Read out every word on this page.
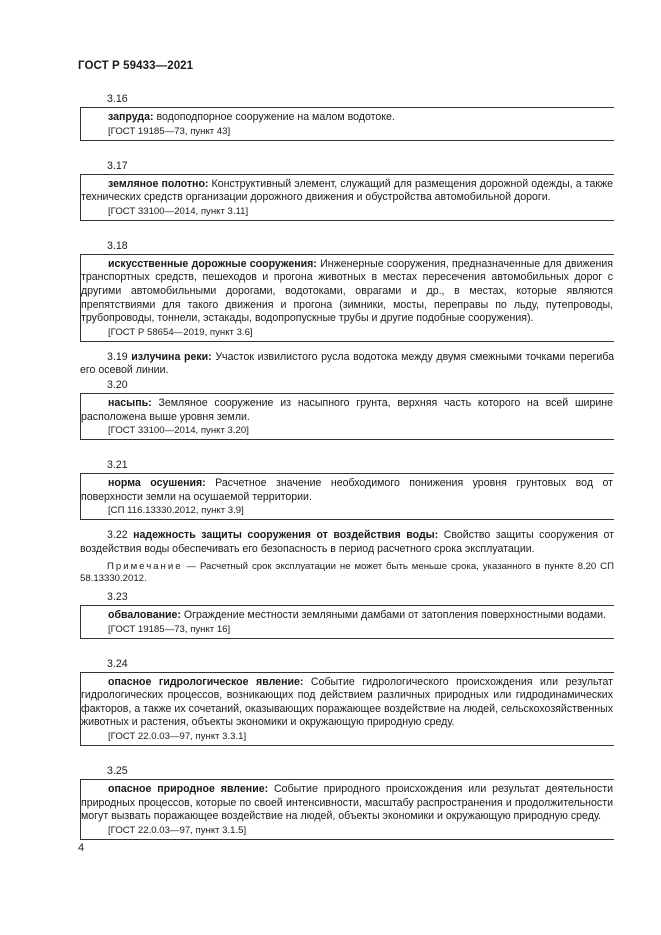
ГОСТ Р 59433—2021
3.16
запруда: водоподпорное сооружение на малом водотоке.
[ГОСТ 19185—73, пункт 43]
3.17
земляное полотно: Конструктивный элемент, служащий для размещения дорожной одежды, а также технических средств организации дорожного движения и обустройства автомобильной дороги.
[ГОСТ 33100—2014, пункт 3.11]
3.18
искусственные дорожные сооружения: Инженерные сооружения, предназначенные для движения транспортных средств, пешеходов и прогона животных в местах пересечения автомобильных дорог с другими автомобильными дорогами, водотоками, оврагами и др., в местах, которые являются препятствиями для такого движения и прогона (зимники, мосты, переправы по льду, путепроводы, трубопроводы, тоннели, эстакады, водопропускные трубы и другие подобные сооружения).
[ГОСТ Р 58654—2019, пункт 3.6]
3.19 излучина реки: Участок извилистого русла водотока между двумя смежными точками перегиба его осевой линии.
3.20
насыпь: Земляное сооружение из насыпного грунта, верхняя часть которого на всей ширине расположена выше уровня земли.
[ГОСТ 33100—2014, пункт 3.20]
3.21
норма осушения: Расчетное значение необходимого понижения уровня грунтовых вод от поверхности земли на осушаемой территории.
[СП 116.13330.2012, пункт 3.9]
3.22 надежность защиты сооружения от воздействия воды: Свойство защиты сооружения от воздействия воды обеспечивать его безопасность в период расчетного срока эксплуатации.
Примечание — Расчетный срок эксплуатации не может быть меньше срока, указанного в пункте 8.20 СП 58.13330.2012.
3.23
обвалование: Ограждение местности земляными дамбами от затопления поверхностными водами.
[ГОСТ 19185—73, пункт 16]
3.24
опасное гидрологическое явление: Событие гидрологического происхождения или результат гидрологических процессов, возникающих под действием различных природных или гидродинамических факторов, а также их сочетаний, оказывающих поражающее воздействие на людей, сельскохозяйственных животных и растения, объекты экономики и окружающую природную среду.
[ГОСТ 22.0.03—97, пункт 3.3.1]
3.25
опасное природное явление: Событие природного происхождения или результат деятельности природных процессов, которые по своей интенсивности, масштабу распространения и продолжительности могут вызвать поражающее воздействие на людей, объекты экономики и окружающую природную среду.
[ГОСТ 22.0.03—97, пункт 3.1.5]
4
